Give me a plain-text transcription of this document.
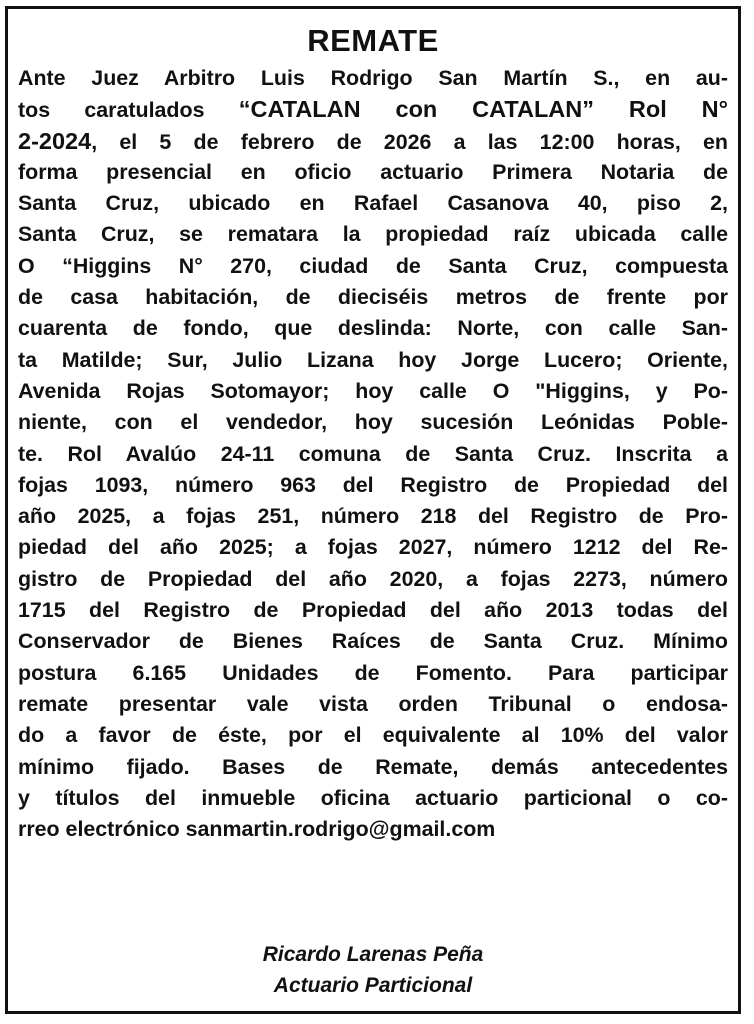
REMATE
Ante Juez Arbitro Luis Rodrigo San Martín S., en au-
tos caratulados “CATALAN con CATALAN” Rol N°
2-2024, el 5 de febrero de 2026 a las 12:00 horas, en
forma presencial en oficio actuario Primera Notaria de
Santa Cruz, ubicado en Rafael Casanova 40, piso 2,
Santa Cruz, se rematara la propiedad raíz ubicada calle
O “Higgins N° 270, ciudad de Santa Cruz, compuesta
de casa habitación, de dieciséis metros de frente por
cuarenta de fondo, que deslinda: Norte, con calle San-
ta Matilde; Sur, Julio Lizana hoy Jorge Lucero; Oriente,
Avenida Rojas Sotomayor; hoy calle O "Higgins, y Po-
niente, con el vendedor, hoy sucesión Leónidas Poble-
te. Rol Avalúo 24-11 comuna de Santa Cruz. Inscrita a
fojas 1093, número 963 del Registro de Propiedad del
año 2025, a fojas 251, número 218 del Registro de Pro-
piedad del año 2025; a fojas 2027, número 1212 del Re-
gistro de Propiedad del año 2020, a fojas 2273, número
1715 del Registro de Propiedad del año 2013 todas del
Conservador de Bienes Raíces de Santa Cruz. Mínimo
postura 6.165 Unidades de Fomento. Para participar
remate presentar vale vista orden Tribunal o endosa-
do a favor de éste, por el equivalente al 10% del valor
mínimo fijado. Bases de Remate, demás antecedentes
y títulos del inmueble oficina actuario particional o co-
rreo electrónico sanmartin.rodrigo@gmail.com
Ricardo Larenas Peña
Actuario Particional
